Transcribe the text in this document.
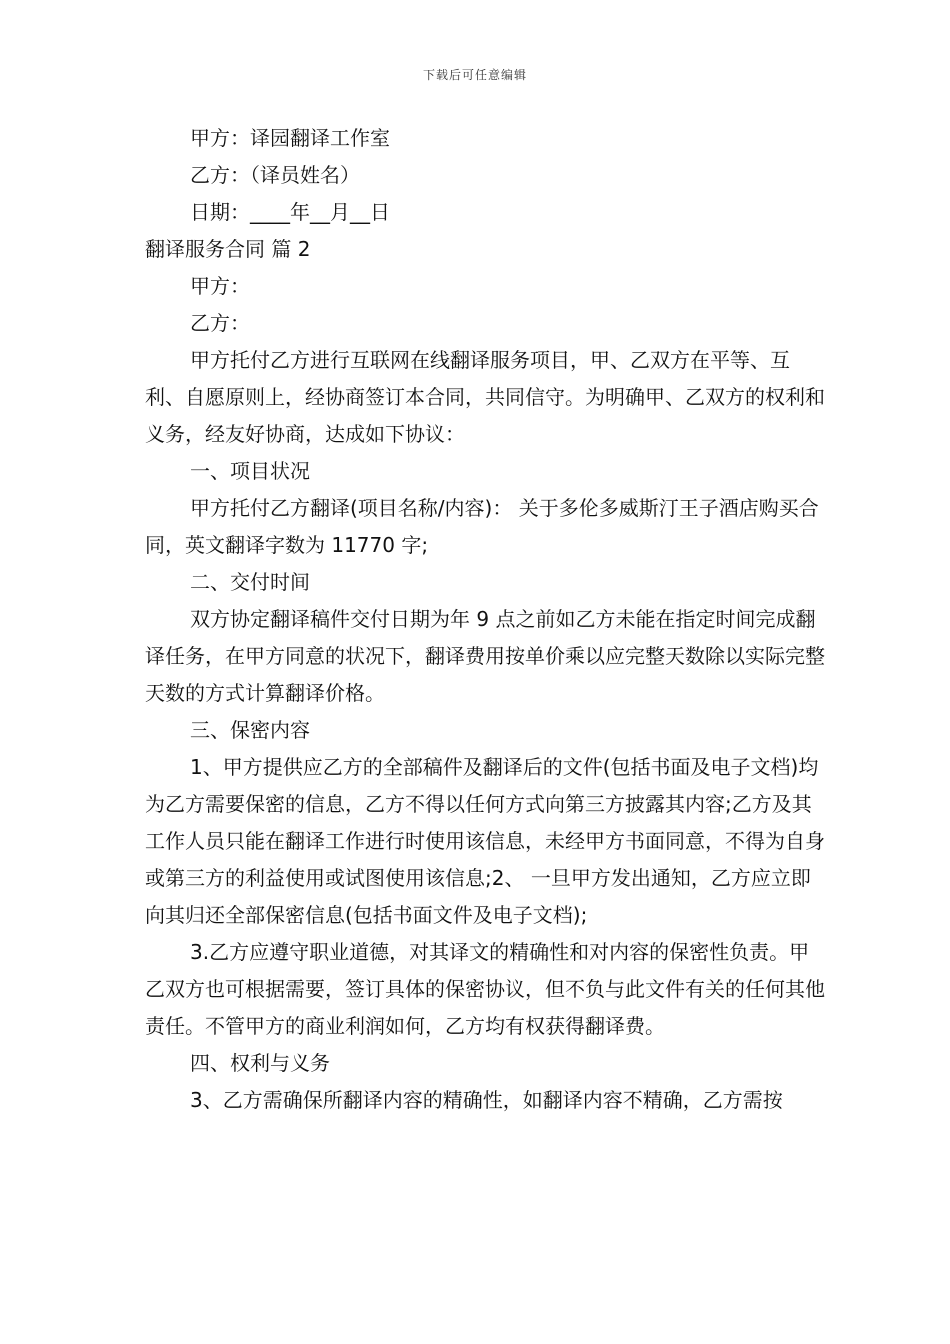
下载后可任意编辑

甲方：译园翻译工作室

乙方：（译员姓名）

日期：____年__月__日

翻译服务合同 篇 2

甲方：

乙方：

甲方托付乙方进行互联网在线翻译服务项目，甲、乙双方在平等、互利、自愿原则上，经协商签订本合同，共同信守。为明确甲、乙双方的权利和义务，经友好协商，达成如下协议：

一、项目状况

甲方托付乙方翻译(项目名称/内容)： 关于多伦多威斯汀王子酒店购买合同，英文翻译字数为 11770 字;

二、交付时间

双方协定翻译稿件交付日期为年 9 点之前如乙方未能在指定时间完成翻译任务，在甲方同意的状况下，翻译费用按单价乘以应完整天数除以实际完整天数的方式计算翻译价格。

三、保密内容

1、甲方提供应乙方的全部稿件及翻译后的文件(包括书面及电子文档)均为乙方需要保密的信息，乙方不得以任何方式向第三方披露其内容;乙方及其工作人员只能在翻译工作进行时使用该信息，未经甲方书面同意，不得为自身或第三方的利益使用或试图使用该信息;2、 一旦甲方发出通知，乙方应立即向其归还全部保密信息(包括书面文件及电子文档);

3.乙方应遵守职业道德，对其译文的精确性和对内容的保密性负责。甲乙双方也可根据需要，签订具体的保密协议，但不负与此文件有关的任何其他责任。不管甲方的商业利润如何，乙方均有权获得翻译费。

四、权利与义务

3、乙方需确保所翻译内容的精确性，如翻译内容不精确，乙方需按
